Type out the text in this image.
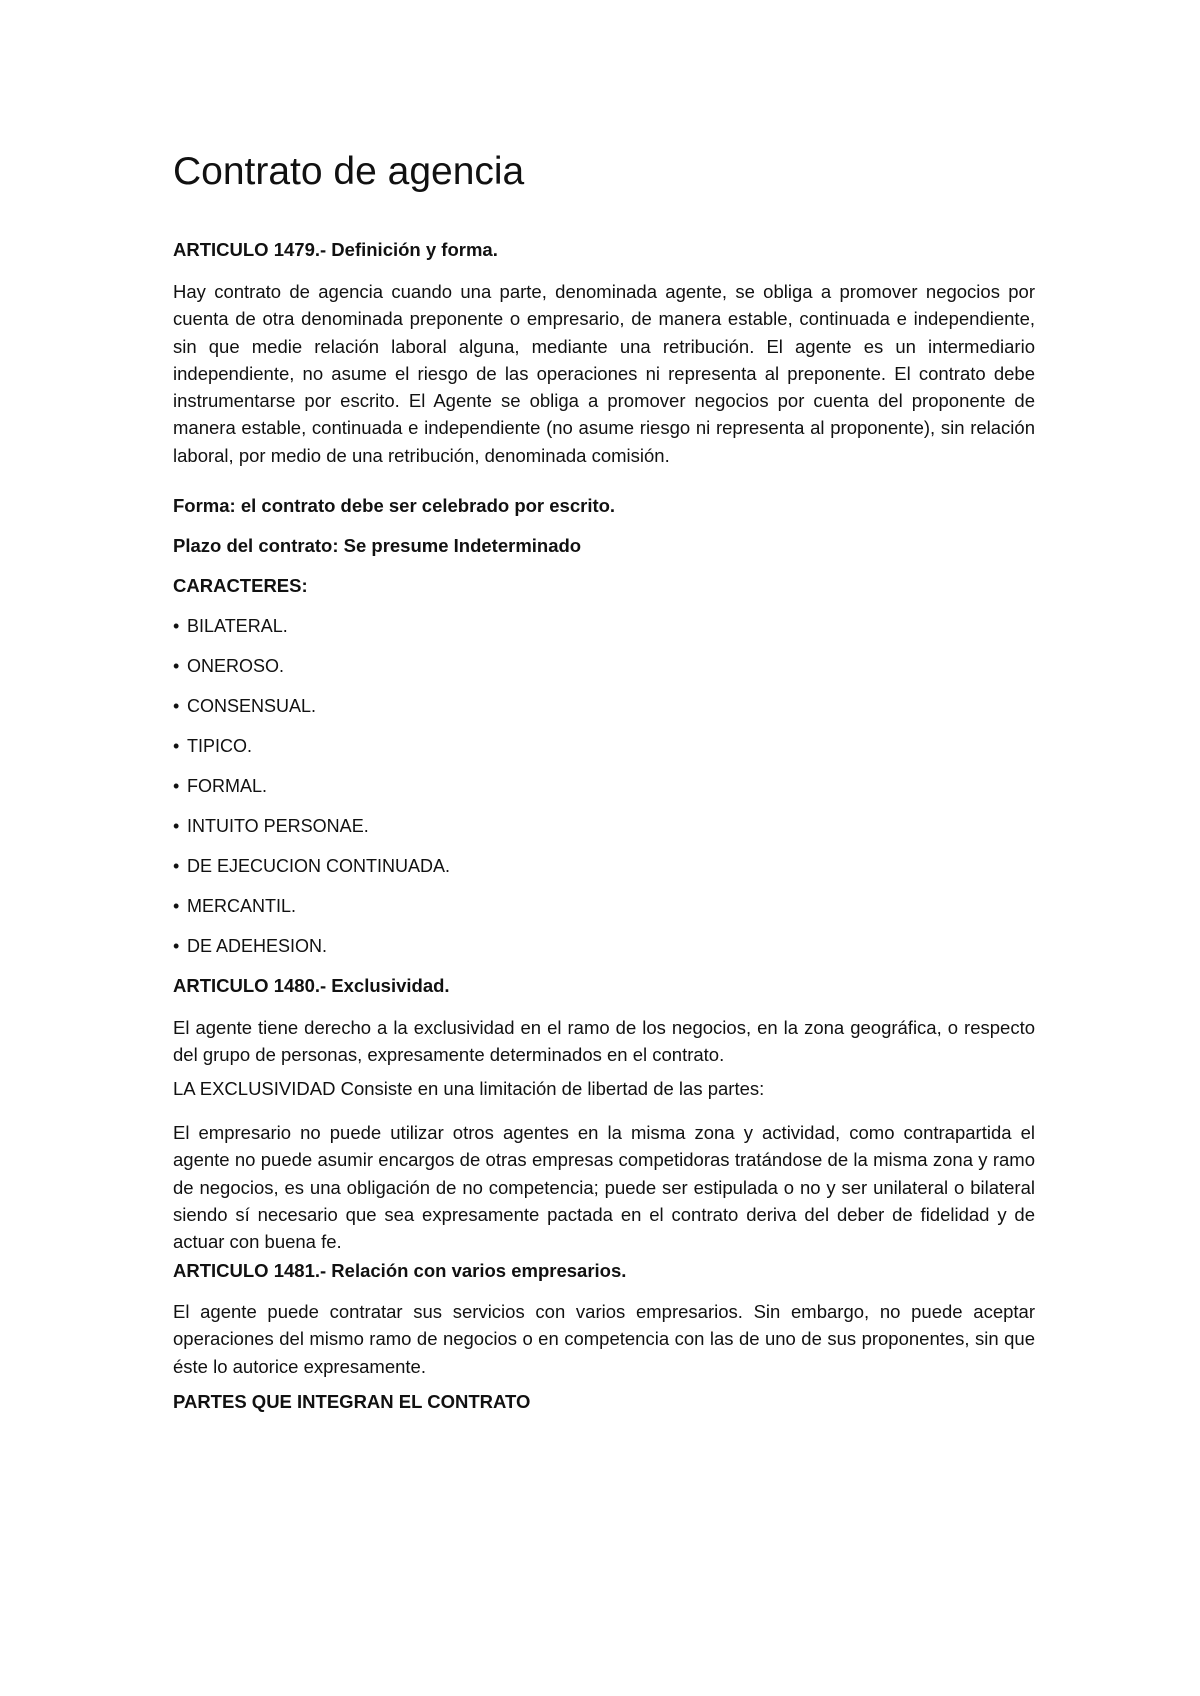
Contrato de agencia

ARTICULO 1479.- Definición y forma.

Hay contrato de agencia cuando una parte, denominada agente, se obliga a promover negocios por cuenta de otra denominada preponente o empresario, de manera estable, continuada e independiente, sin que medie relación laboral alguna, mediante una retribución. El agente es un intermediario independiente, no asume el riesgo de las operaciones ni representa al preponente. El contrato debe instrumentarse por escrito. El Agente se obliga a promover negocios por cuenta del proponente de manera estable, continuada e independiente (no asume riesgo ni representa al proponente), sin relación laboral, por medio de una retribución, denominada comisión.

Forma: el contrato debe ser celebrado por escrito.

Plazo del contrato: Se presume Indeterminado

CARACTERES:

• BILATERAL.

• ONEROSO.

• CONSENSUAL.

• TIPICO.

• FORMAL.

• INTUITO PERSONAE.

• DE EJECUCION CONTINUADA.

• MERCANTIL.

• DE ADEHESION.

ARTICULO 1480.- Exclusividad.

El agente tiene derecho a la exclusividad en el ramo de los negocios, en la zona geográfica, o respecto del grupo de personas, expresamente determinados en el contrato.

LA EXCLUSIVIDAD Consiste en una limitación de libertad de las partes:

El empresario no puede utilizar otros agentes en la misma zona y actividad, como contrapartida el agente no puede asumir encargos de otras empresas competidoras tratándose de la misma zona y ramo de negocios, es una obligación de no competencia; puede ser estipulada o no y ser unilateral o bilateral siendo sí necesario que sea expresamente pactada en el contrato deriva del deber de fidelidad y de actuar con buena fe.

ARTICULO 1481.- Relación con varios empresarios.

El agente puede contratar sus servicios con varios empresarios. Sin embargo, no puede aceptar operaciones del mismo ramo de negocios o en competencia con las de uno de sus proponentes, sin que éste lo autorice expresamente.

PARTES QUE INTEGRAN EL CONTRATO
